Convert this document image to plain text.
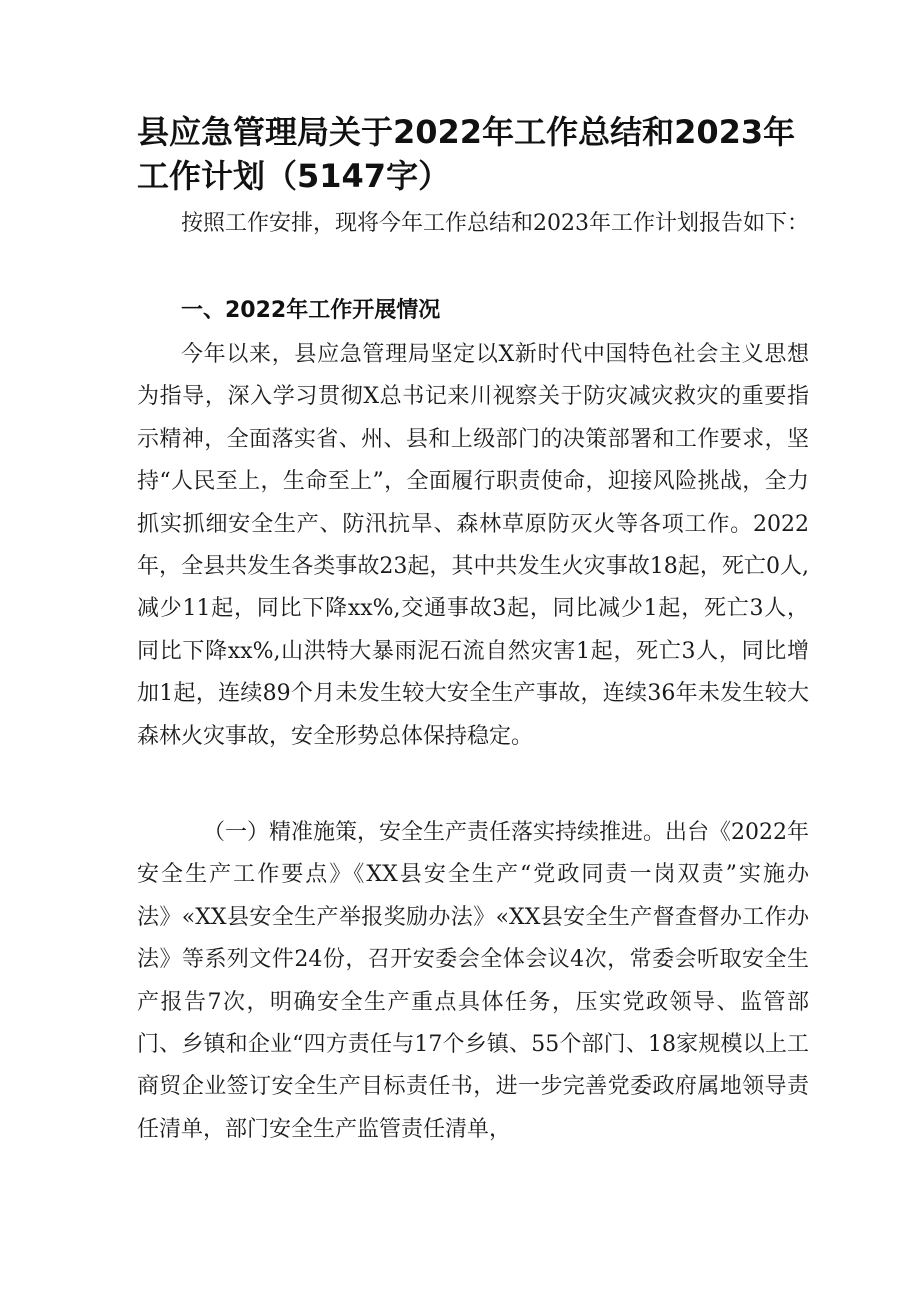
县应急管理局关于2022年工作总结和2023年工作计划（5147字）

按照工作安排，现将今年工作总结和2023年工作计划报告如下：

一、2022年工作开展情况

今年以来，县应急管理局坚定以X新时代中国特色社会主义思想为指导，深入学习贯彻X总书记来川视察关于防灾减灾救灾的重要指示精神，全面落实省、州、县和上级部门的决策部署和工作要求，坚持“人民至上，生命至上”，全面履行职责使命，迎接风险挑战，全力抓实抓细安全生产、防汛抗旱、森林草原防灭火等各项工作。2022年，全县共发生各类事故23起，其中共发生火灾事故18起，死亡0人,减少11起，同比下降xx%,交通事故3起，同比减少1起，死亡3人，同比下降xx%,山洪特大暴雨泥石流自然灾害1起，死亡3人，同比增加1起，连续89个月未发生较大安全生产事故，连续36年未发生较大森林火灾事故，安全形势总体保持稳定。

（一）精准施策，安全生产责任落实持续推进。出台《2022年安全生产工作要点》《XX县安全生产“党政同责一岗双责”实施办法》«XX县安全生产举报奖励办法》«XX县安全生产督查督办工作办法》等系列文件24份，召开安委会全体会议4次，常委会听取安全生产报告7次，明确安全生产重点具体任务，压实党政领导、监管部门、乡镇和企业“四方责任与17个乡镇、55个部门、18家规模以上工商贸企业签订安全生产目标责任书，进一步完善党委政府属地领导责任清单，部门安全生产监管责任清单，
